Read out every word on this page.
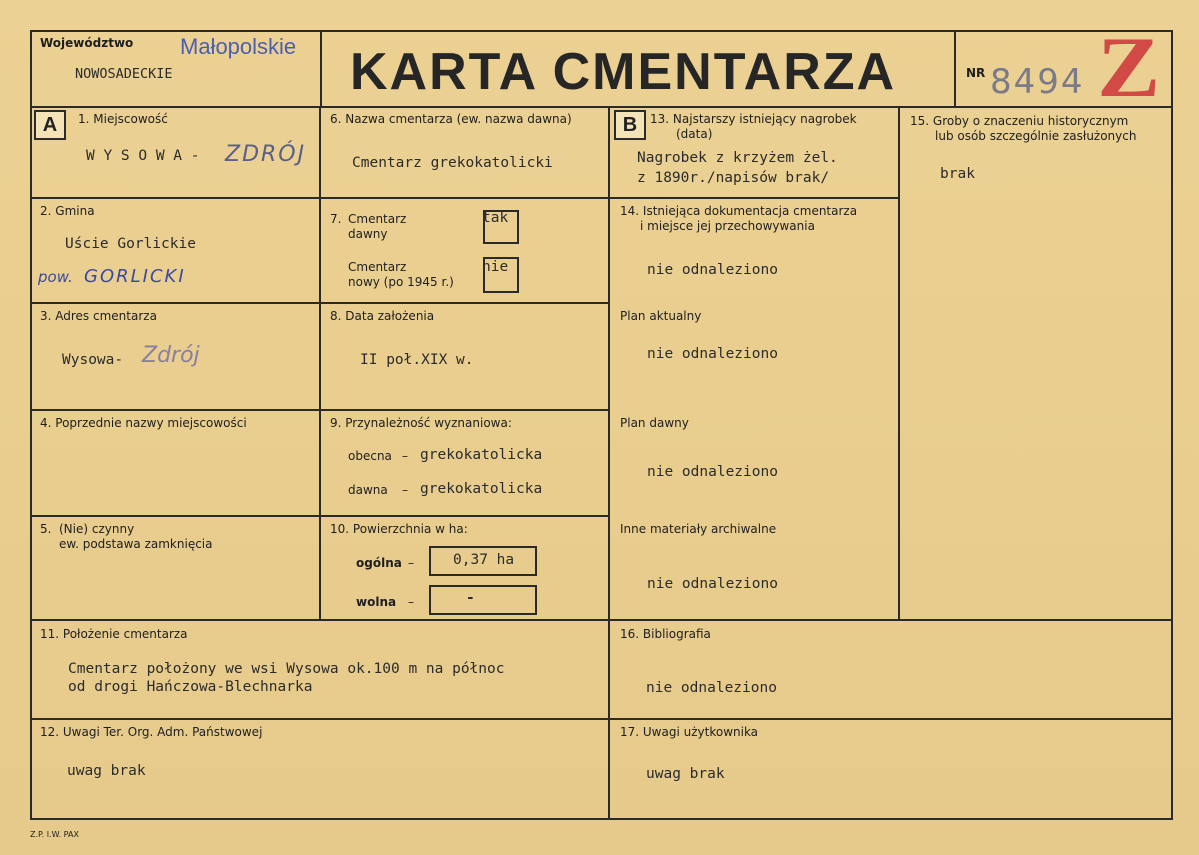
Województwo Małopolskie
NOWOSADECKIE	KARTA CMENTARZA	NR 8494 Z
A	1. Miejscowość
W Y S O W A - ZDRÓJ
2. Gmina
Uście Gorlickie
pow. GORLICKI
3. Adres cmentarza
Wysowa- Zdrój
4. Poprzednie nazwy miejscowości
5. (Nie) czynny
ew. podstawa zamknięcia
6. Nazwa cmentarza (ew. nazwa dawna)
Cmentarz grekokatolicki
7. Cmentarz
dawny
tak
Cmentarz
nowy (po 1945 r.)
nie
8. Data założenia
II poł.XIX w.
9. Przynależność wyznaniowa:
obecna – grekokatolicka
dawna – grekokatolicka
10. Powierzchnia w ha:
ogólna –	0,37 ha
wolna –	-
B	13. Najstarszy istniejący nagrobek
(data)
Nagrobek z krzyżem żel.
z 1890r./napisów brak/
14. Istniejąca dokumentacja cmentarza
i miejsce jej przechowywania
nie odnaleziono
Plan aktualny
nie odnaleziono
Plan dawny
nie odnaleziono
Inne materiały archiwalne
nie odnaleziono
15. Groby o znaczeniu historycznym
lub osób szczególnie zasłużonych
brak
11. Położenie cmentarza
Cmentarz położony we wsi Wysowa ok.100 m na północ
od drogi Hańczowa-Blechnarka
16. Bibliografia
nie odnaleziono
12. Uwagi Ter. Org. Adm. Państwowej
uwag brak
17. Uwagi użytkownika
uwag brak
Z.P. I.W. PAX
